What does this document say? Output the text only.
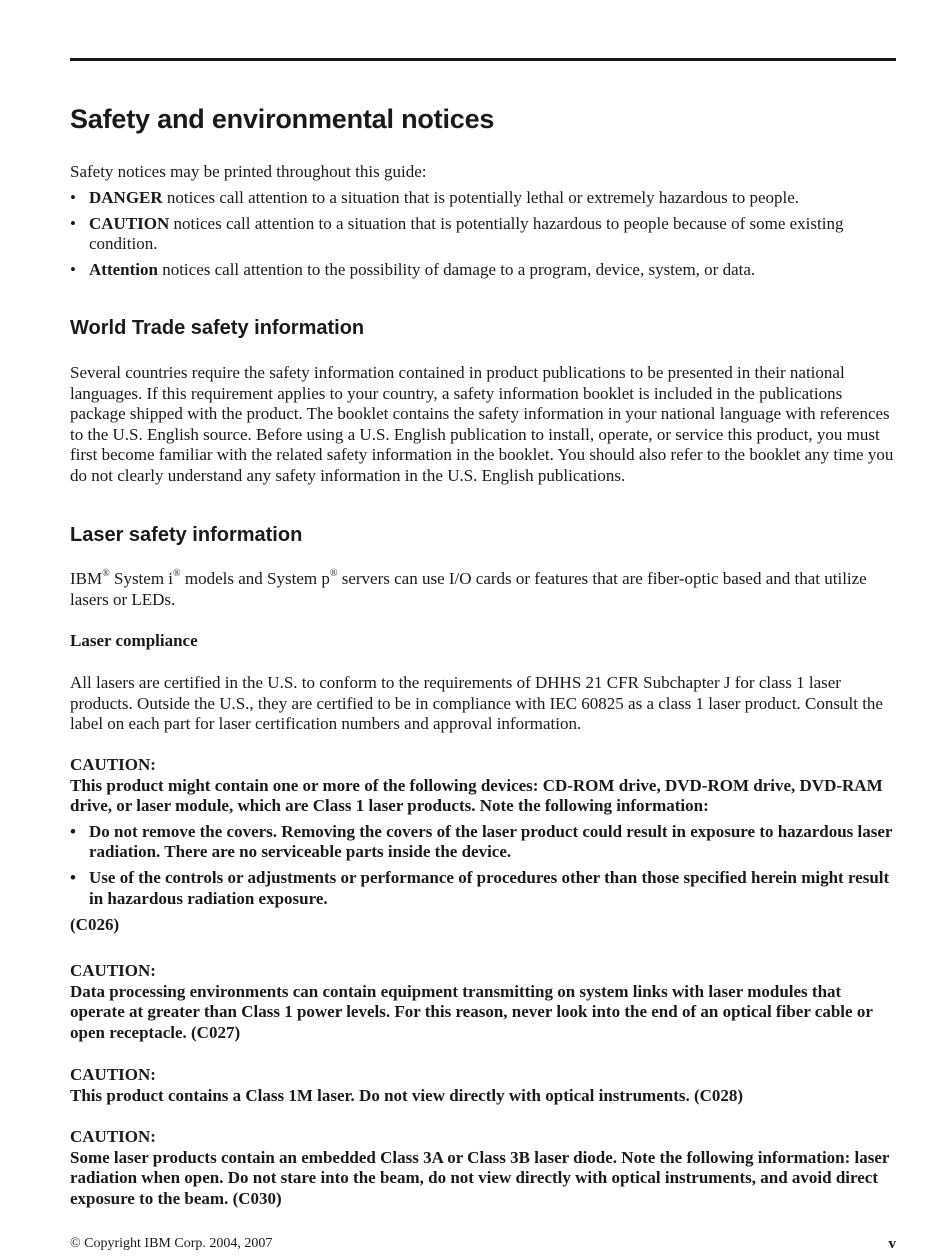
Safety and environmental notices

Safety notices may be printed throughout this guide:

• DANGER notices call attention to a situation that is potentially lethal or extremely hazardous to people.
• CAUTION notices call attention to a situation that is potentially hazardous to people because of some existing condition.
• Attention notices call attention to the possibility of damage to a program, device, system, or data.
World Trade safety information

Several countries require the safety information contained in product publications to be presented in their national languages. If this requirement applies to your country, a safety information booklet is included in the publications package shipped with the product. The booklet contains the safety information in your national language with references to the U.S. English source. Before using a U.S. English publication to install, operate, or service this product, you must first become familiar with the related safety information in the booklet. You should also refer to the booklet any time you do not clearly understand any safety information in the U.S. English publications.

Laser safety information

IBM® System i® models and System p® servers can use I/O cards or features that are fiber-optic based and that utilize lasers or LEDs.

Laser compliance

All lasers are certified in the U.S. to conform to the requirements of DHHS 21 CFR Subchapter J for class 1 laser products. Outside the U.S., they are certified to be in compliance with IEC 60825 as a class 1 laser product. Consult the label on each part for laser certification numbers and approval information.

CAUTION:

This product might contain one or more of the following devices: CD-ROM drive, DVD-ROM drive, DVD-RAM drive, or laser module, which are Class 1 laser products. Note the following information:

• Do not remove the covers. Removing the covers of the laser product could result in exposure to hazardous laser radiation. There are no serviceable parts inside the device.
• Use of the controls or adjustments or performance of procedures other than those specified herein might result in hazardous radiation exposure.

(C026)

CAUTION:

Data processing environments can contain equipment transmitting on system links with laser modules that operate at greater than Class 1 power levels. For this reason, never look into the end of an optical fiber cable or open receptacle. (C027)

CAUTION:

This product contains a Class 1M laser. Do not view directly with optical instruments. (C028)

CAUTION:

Some laser products contain an embedded Class 3A or Class 3B laser diode. Note the following information: laser radiation when open. Do not stare into the beam, do not view directly with optical instruments, and avoid direct exposure to the beam. (C030)

© Copyright IBM Corp. 2004, 2007	v
